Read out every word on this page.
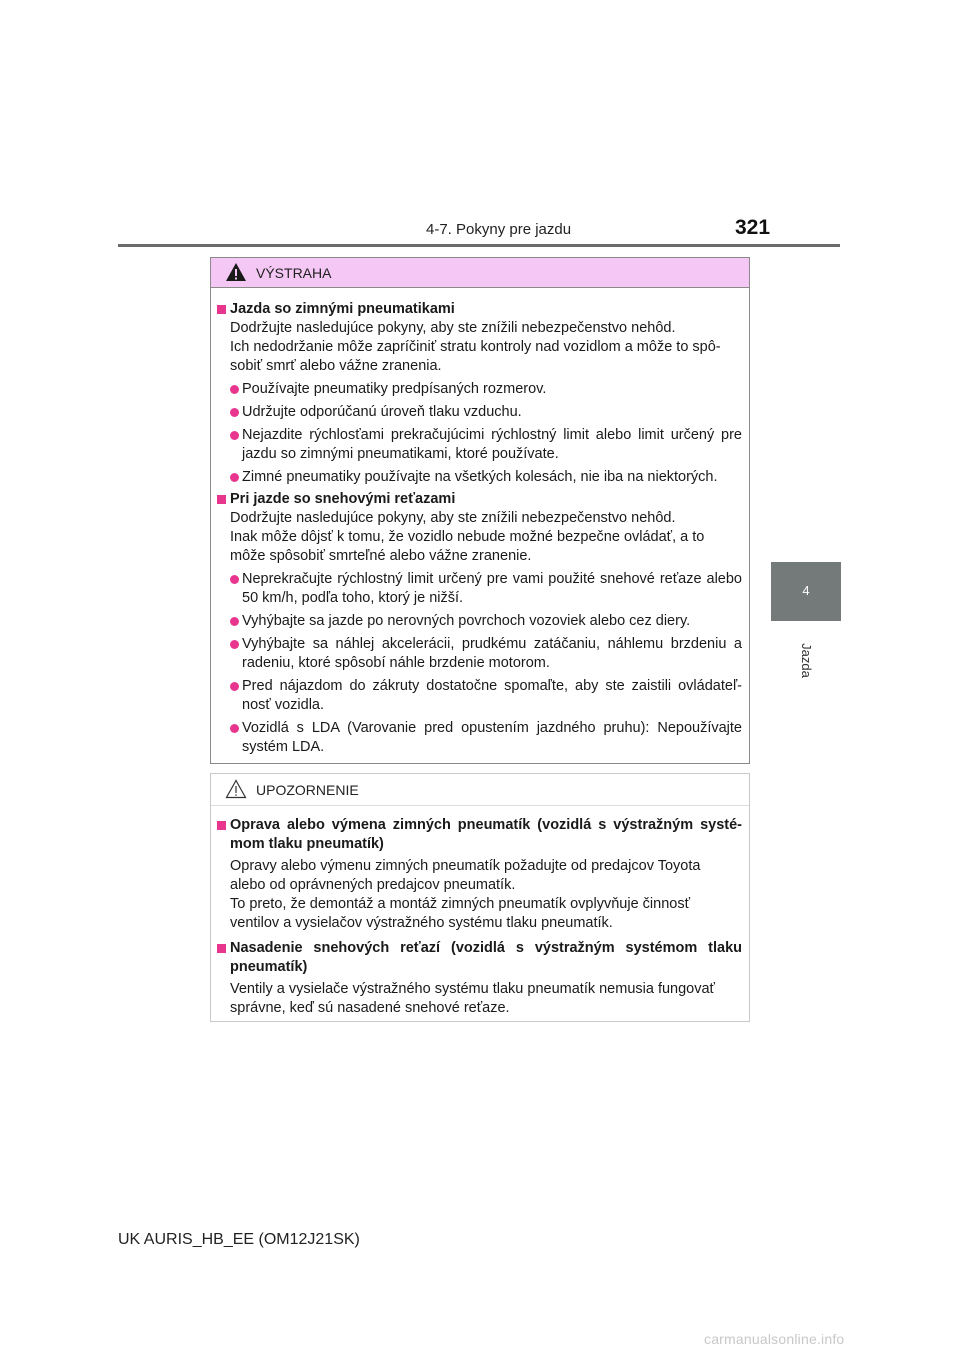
4-7. Pokyny pre jazdu	321
4
Jazda
VÝSTRAHA
Jazda so zimnými pneumatikami
Dodržujte nasledujúce pokyny, aby ste znížili nebezpečenstvo nehôd.
Ich nedodržanie môže zapríčiniť stratu kontroly nad vozidlom a môže to spô-
sobiť smrť alebo vážne zranenia.
Používajte pneumatiky predpísaných rozmerov.
Udržujte odporúčanú úroveň tlaku vzduchu.
Nejazdite rýchlosťami prekračujúcimi rýchlostný limit alebo limit určený pre jazdu so zimnými pneumatikami, ktoré používate.
Zimné pneumatiky používajte na všetkých kolesách, nie iba na niektorých.
Pri jazde so snehovými reťazami
Dodržujte nasledujúce pokyny, aby ste znížili nebezpečenstvo nehôd.
Inak môže dôjsť k tomu, že vozidlo nebude možné bezpečne ovládať, a to
môže spôsobiť smrteľné alebo vážne zranenie.
Neprekračujte rýchlostný limit určený pre vami použité snehové reťaze alebo 50 km/h, podľa toho, ktorý je nižší.
Vyhýbajte sa jazde po nerovných povrchoch vozoviek alebo cez diery.
Vyhýbajte sa náhlej akcelerácii, prudkému zatáčaniu, náhlemu brzdeniu a radeniu, ktoré spôsobí náhle brzdenie motorom.
Pred nájazdom do zákruty dostatočne spomaľte, aby ste zaistili ovládateľ-nosť vozidla.
Vozidlá s LDA (Varovanie pred opustením jazdného pruhu): Nepoužívajte systém LDA.
UPOZORNENIE
Oprava alebo výmena zimných pneumatík (vozidlá s výstražným systé-mom tlaku pneumatík)
Opravy alebo výmenu zimných pneumatík požadujte od predajcov Toyota
alebo od oprávnených predajcov pneumatík.
To preto, že demontáž a montáž zimných pneumatík ovplyvňuje činnosť
ventilov a vysielačov výstražného systému tlaku pneumatík.
Nasadenie snehových reťazí (vozidlá s výstražným systémom tlaku pneumatík)
Ventily a vysielače výstražného systému tlaku pneumatík nemusia fungovať
správne, keď sú nasadené snehové reťaze.
UK AURIS_HB_EE (OM12J21SK)
carmanualsonline.info
